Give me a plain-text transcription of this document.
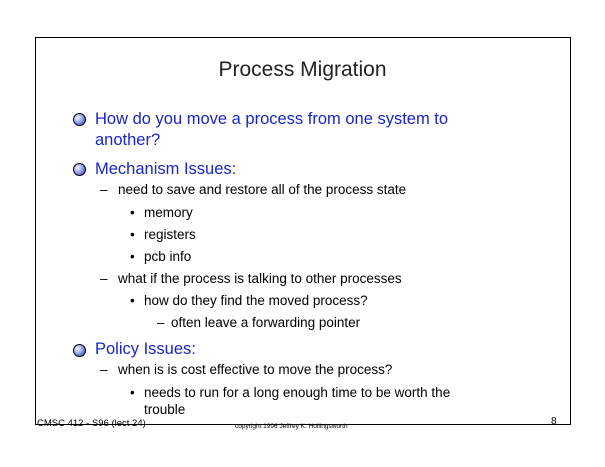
Process Migration
How do you move a process from one system to
another?
Mechanism Issues:
– need to save and restore all of the process state
• memory
• registers
• pcb info
– what if the process is talking to other processes
• how do they find the moved process?
– often leave a forwarding pointer
Policy Issues:
– when is is cost effective to move the process?
• needs to run for a long enough time to be worth the
trouble
CMSC 412 - S96 (lect 24)	copyright 1996 Jeffrey K. Hollingsworth	8
